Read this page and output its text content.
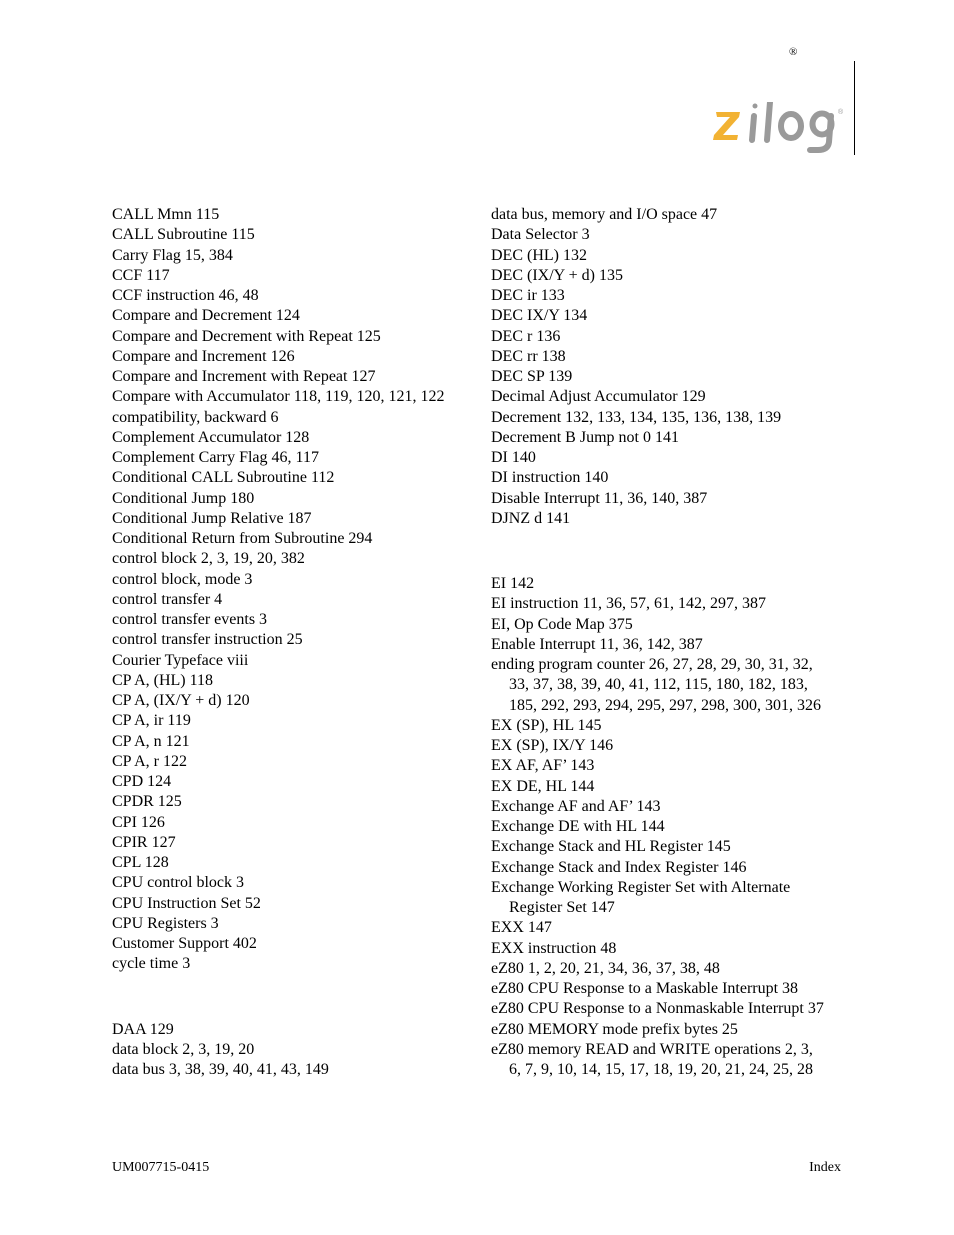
®
®
CALL Mmn 115
CALL Subroutine 115
Carry Flag 15, 384
CCF 117
CCF instruction 46, 48
Compare and Decrement 124
Compare and Decrement with Repeat 125
Compare and Increment 126
Compare and Increment with Repeat 127
Compare with Accumulator 118, 119, 120, 121, 122
compatibility, backward 6
Complement Accumulator 128
Complement Carry Flag 46, 117
Conditional CALL Subroutine 112
Conditional Jump 180
Conditional Jump Relative 187
Conditional Return from Subroutine 294
control block 2, 3, 19, 20, 382
control block, mode 3
control transfer 4
control transfer events 3
control transfer instruction 25
Courier Typeface viii
CP A, (HL) 118
CP A, (IX/Y + d) 120
CP A, ir 119
CP A, n 121
CP A, r 122
CPD 124
CPDR 125
CPI 126
CPIR 127
CPL 128
CPU control block 3
CPU Instruction Set 52
CPU Registers 3
Customer Support 402
cycle time 3
DAA 129
data block 2, 3, 19, 20
data bus 3, 38, 39, 40, 41, 43, 149
data bus, memory and I/O space 47
Data Selector 3
DEC (HL) 132
DEC (IX/Y + d) 135
DEC ir 133
DEC IX/Y 134
DEC r 136
DEC rr 138
DEC SP 139
Decimal Adjust Accumulator 129
Decrement 132, 133, 134, 135, 136, 138, 139
Decrement B Jump not 0 141
DI 140
DI instruction 140
Disable Interrupt 11, 36, 140, 387
DJNZ d 141
EI 142
EI instruction 11, 36, 57, 61, 142, 297, 387
EI, Op Code Map 375
Enable Interrupt 11, 36, 142, 387
ending program counter 26, 27, 28, 29, 30, 31, 32,
33, 37, 38, 39, 40, 41, 112, 115, 180, 182, 183,
185, 292, 293, 294, 295, 297, 298, 300, 301, 326
EX (SP), HL 145
EX (SP), IX/Y 146
EX AF, AF’ 143
EX DE, HL 144
Exchange AF and AF’ 143
Exchange DE with HL 144
Exchange Stack and HL Register 145
Exchange Stack and Index Register 146
Exchange Working Register Set with Alternate
Register Set 147
EXX 147
EXX instruction 48
eZ80 1, 2, 20, 21, 34, 36, 37, 38, 48
eZ80 CPU Response to a Maskable Interrupt 38
eZ80 CPU Response to a Nonmaskable Interrupt 37
eZ80 MEMORY mode prefix bytes 25
eZ80 memory READ and WRITE operations 2, 3,
6, 7, 9, 10, 14, 15, 17, 18, 19, 20, 21, 24, 25, 28
UM007715-0415	Index
